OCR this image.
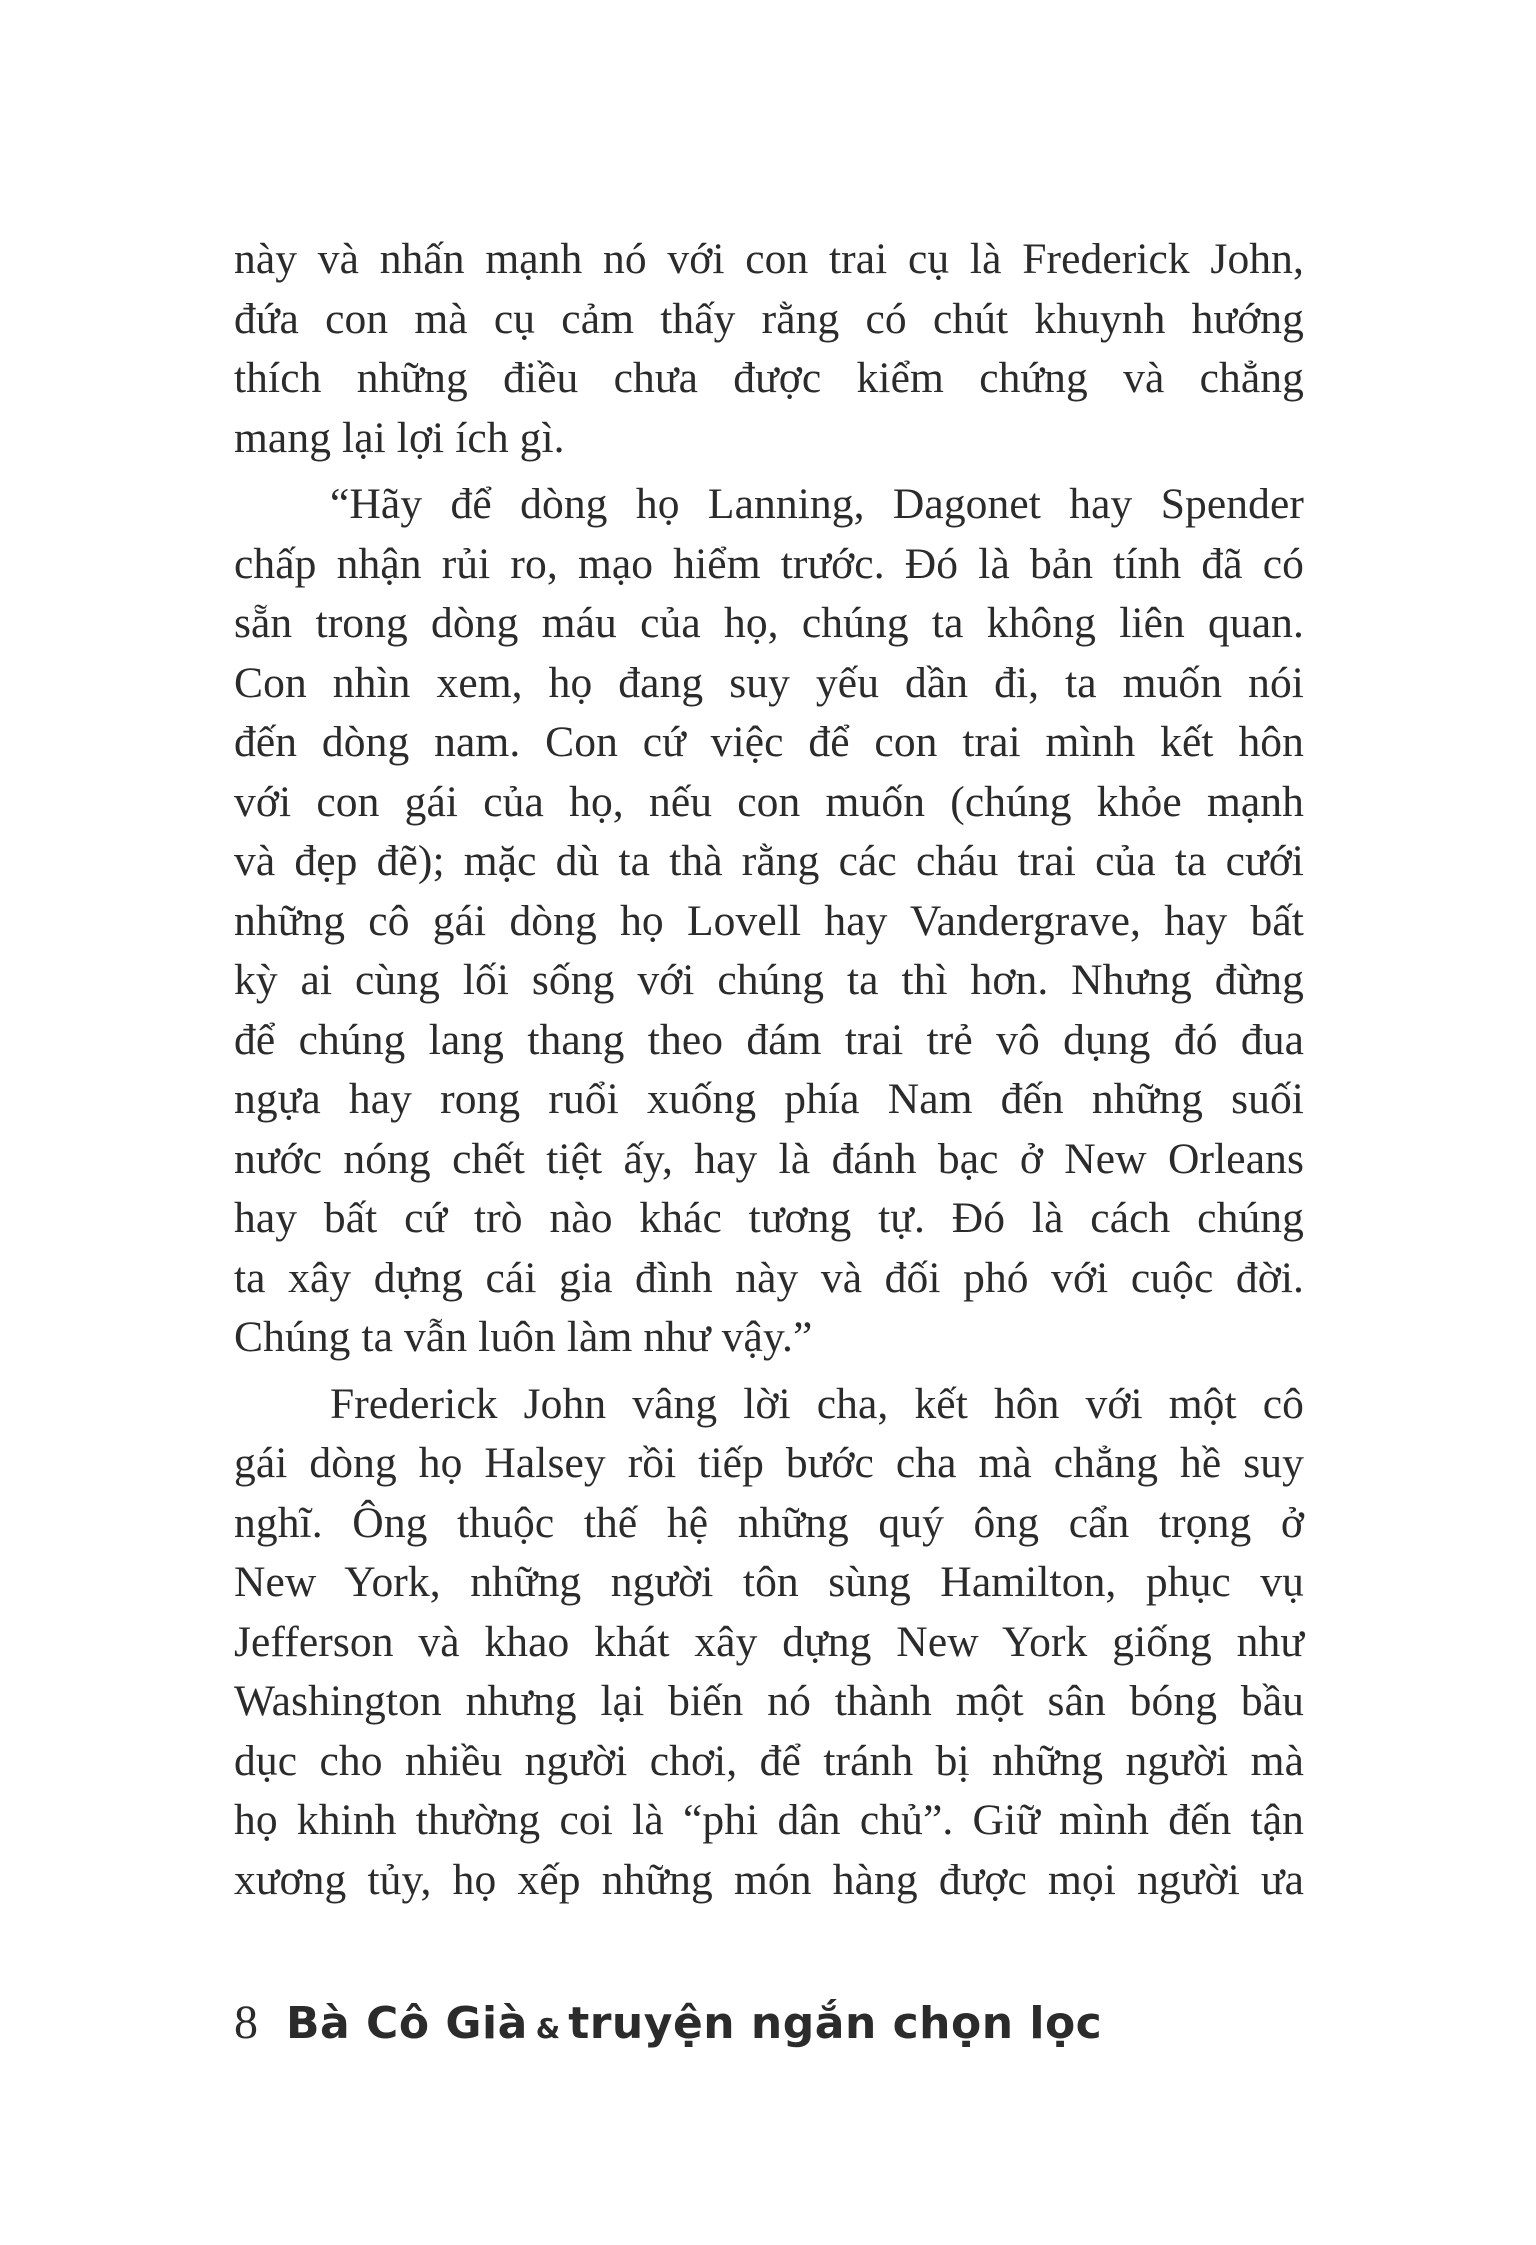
này và nhấn mạnh nó với con trai cụ là Frederick John,
đứa con mà cụ cảm thấy rằng có chút khuynh hướng
thích những điều chưa được kiểm chứng và chẳng
mang lại lợi ích gì.

“Hãy để dòng họ Lanning, Dagonet hay Spender
chấp nhận rủi ro, mạo hiểm trước. Đó là bản tính đã có
sẵn trong dòng máu của họ, chúng ta không liên quan.
Con nhìn xem, họ đang suy yếu dần đi, ta muốn nói
đến dòng nam. Con cứ việc để con trai mình kết hôn
với con gái của họ, nếu con muốn (chúng khỏe mạnh
và đẹp đẽ); mặc dù ta thà rằng các cháu trai của ta cưới
những cô gái dòng họ Lovell hay Vandergrave, hay bất
kỳ ai cùng lối sống với chúng ta thì hơn. Nhưng đừng
để chúng lang thang theo đám trai trẻ vô dụng đó đua
ngựa hay rong ruổi xuống phía Nam đến những suối
nước nóng chết tiệt ấy, hay là đánh bạc ở New Orleans
hay bất cứ trò nào khác tương tự. Đó là cách chúng
ta xây dựng cái gia đình này và đối phó với cuộc đời.
Chúng ta vẫn luôn làm như vậy.”

Frederick John vâng lời cha, kết hôn với một cô
gái dòng họ Halsey rồi tiếp bước cha mà chẳng hề suy
nghĩ. Ông thuộc thế hệ những quý ông cẩn trọng ở
New York, những người tôn sùng Hamilton, phục vụ
Jefferson và khao khát xây dựng New York giống như
Washington nhưng lại biến nó thành một sân bóng bầu
dục cho nhiều người chơi, để tránh bị những người mà
họ khinh thường coi là “phi dân chủ”. Giữ mình đến tận
xương tủy, họ xếp những món hàng được mọi người ưa

8 Bà Cô Già & truyện ngắn chọn lọc
